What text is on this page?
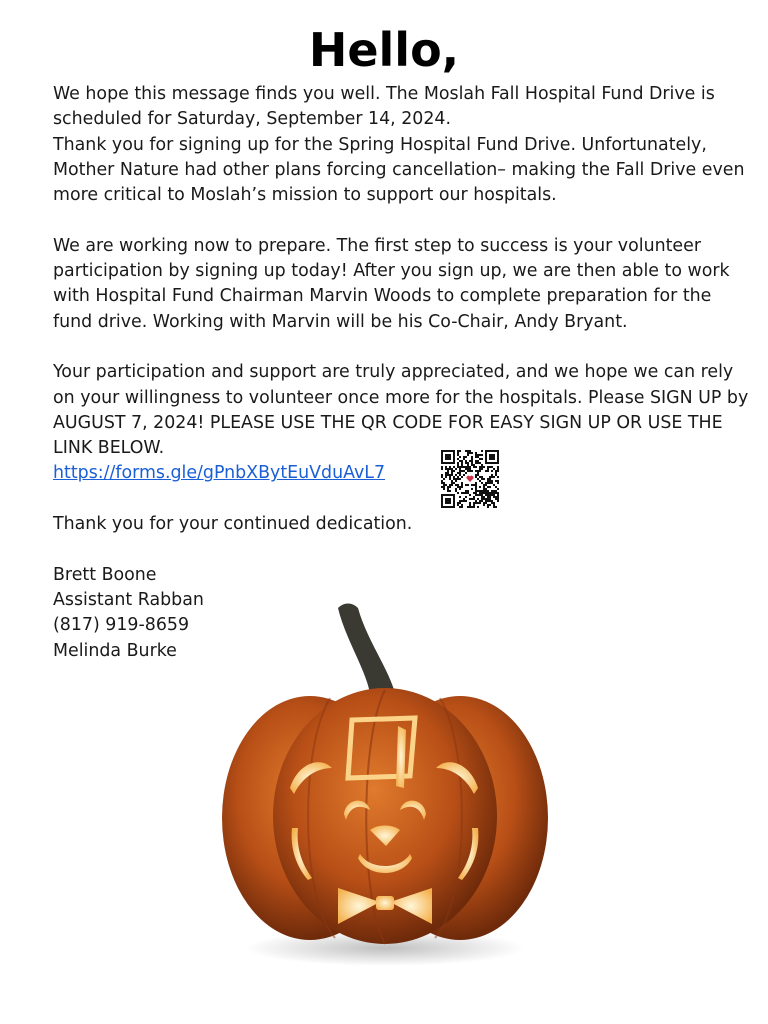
Hello,

We hope this message finds you well. The Moslah Fall Hospital Fund Drive is scheduled for Saturday, September 14, 2024.

Thank you for signing up for the Spring Hospital Fund Drive. Unfortunately, Mother Nature had other plans forcing cancellation– making the Fall Drive even more critical to Moslah’s mission to support our hospitals.

We are working now to prepare. The first step to success is your volunteer participation by signing up today! After you sign up, we are then able to work with Hospital Fund Chairman Marvin Woods to complete preparation for the fund drive. Working with Marvin will be his Co-Chair, Andy Bryant.

Your participation and support are truly appreciated, and we hope we can rely on your willingness to volunteer once more for the hospitals. Please SIGN UP by AUGUST 7, 2024! PLEASE USE THE QR CODE FOR EASY SIGN UP OR USE THE LINK BELOW.

https://forms.gle/gPnbXBytEuVduAvL7

Thank you for your continued dedication.

Brett Boone

Assistant Rabban

(817) 919-8659

Melinda Burke
